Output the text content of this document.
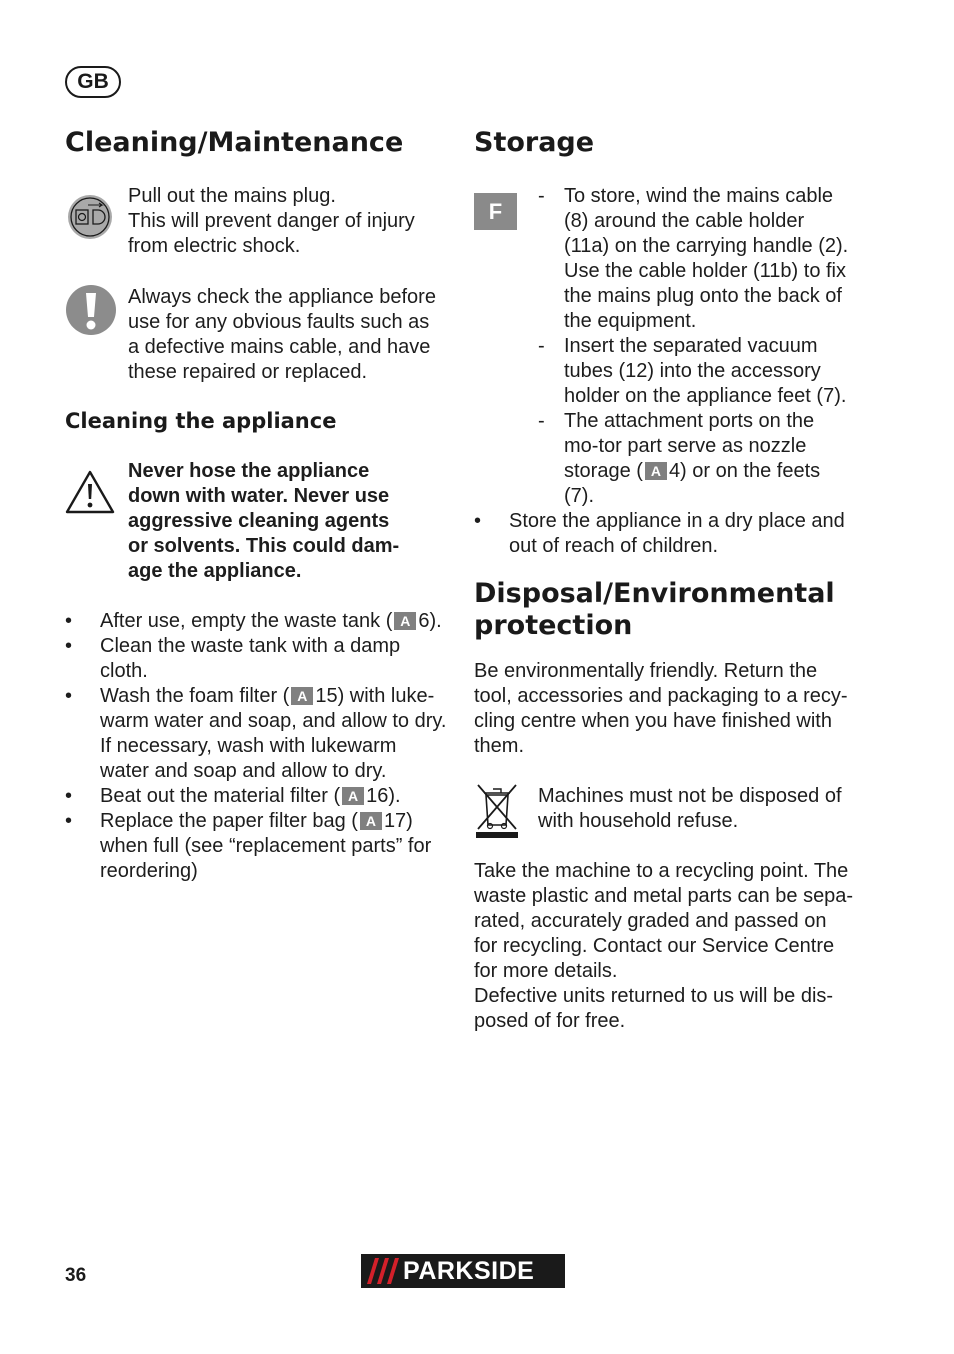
GB
Cleaning/Maintenance
Pull out the mains plug.
This will prevent danger of injury
from electric shock.
Always check the appliance before
use for any obvious faults such as
a defective mains cable, and have
these repaired or replaced.
Cleaning the appliance
Never hose the appliance
down with water. Never use
aggressive cleaning agents
or solvents. This could dam-
age the appliance.
• After use, empty the waste tank ( A 6).
• Clean the waste tank with a damp cloth.
• Wash the foam filter ( A 15) with luke-warm water and soap, and allow to dry. If necessary, wash with lukewarm water and soap and allow to dry.
• Beat out the material filter ( A 16).
• Replace the paper filter bag ( A 17) when full (see “replacement parts” for reordering)
Storage
F
- To store, wind the mains cable (8) around the cable holder (11a) on the carrying handle (2). Use the cable holder (11b) to fix the mains plug onto the back of the equipment.
- Insert the separated vacuum tubes (12) into the accessory holder on the appliance feet (7).
- The attachment ports on the mo-tor part serve as nozzle storage ( A 4) or on the feets (7).
• Store the appliance in a dry place and out of reach of children.
Disposal/Environmental
protection
Be environmentally friendly. Return the
tool, accessories and packaging to a recy-
cling centre when you have finished with
them.
Machines must not be disposed of
with household refuse.
Take the machine to a recycling point. The
waste plastic and metal parts can be sepa-
rated, accurately graded and passed on
for recycling. Contact our Service Centre
for more details.
Defective units returned to us will be dis-
posed of for free.
36	PARKSIDE
